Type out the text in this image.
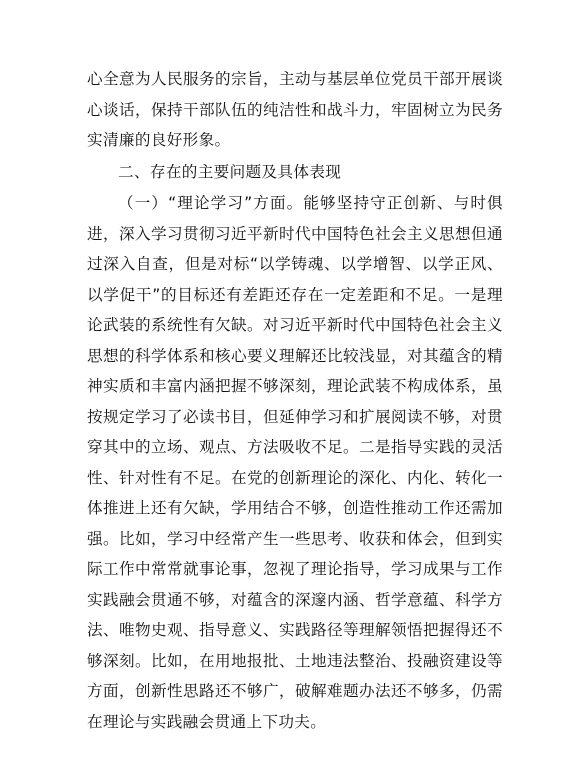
心全意为人民服务的宗旨，主动与基层单位党员干部开展谈心谈话，保持干部队伍的纯洁性和战斗力，牢固树立为民务实清廉的良好形象。

二、存在的主要问题及具体表现

（一）“理论学习”方面。能够坚持守正创新、与时俱进，深入学习贯彻习近平新时代中国特色社会主义思想但通过深入自查，但是对标“以学铸魂、以学增智、以学正风、以学促干”的目标还有差距还存在一定差距和不足。一是理论武装的系统性有欠缺。对习近平新时代中国特色社会主义思想的科学体系和核心要义理解还比较浅显，对其蕴含的精神实质和丰富内涵把握不够深刻，理论武装不构成体系，虽按规定学习了必读书目，但延伸学习和扩展阅读不够，对贯穿其中的立场、观点、方法吸收不足。二是指导实践的灵活性、针对性有不足。在党的创新理论的深化、内化、转化一体推进上还有欠缺，学用结合不够，创造性推动工作还需加强。比如，学习中经常产生一些思考、收获和体会，但到实际工作中常常就事论事，忽视了理论指导，学习成果与工作实践融会贯通不够，对蕴含的深邃内涵、哲学意蕴、科学方法、唯物史观、指导意义、实践路径等理解领悟把握得还不够深刻。比如，在用地报批、土地违法整治、投融资建设等方面，创新性思路还不够广，破解难题办法还不够多，仍需在理论与实践融会贯通上下功夫。
